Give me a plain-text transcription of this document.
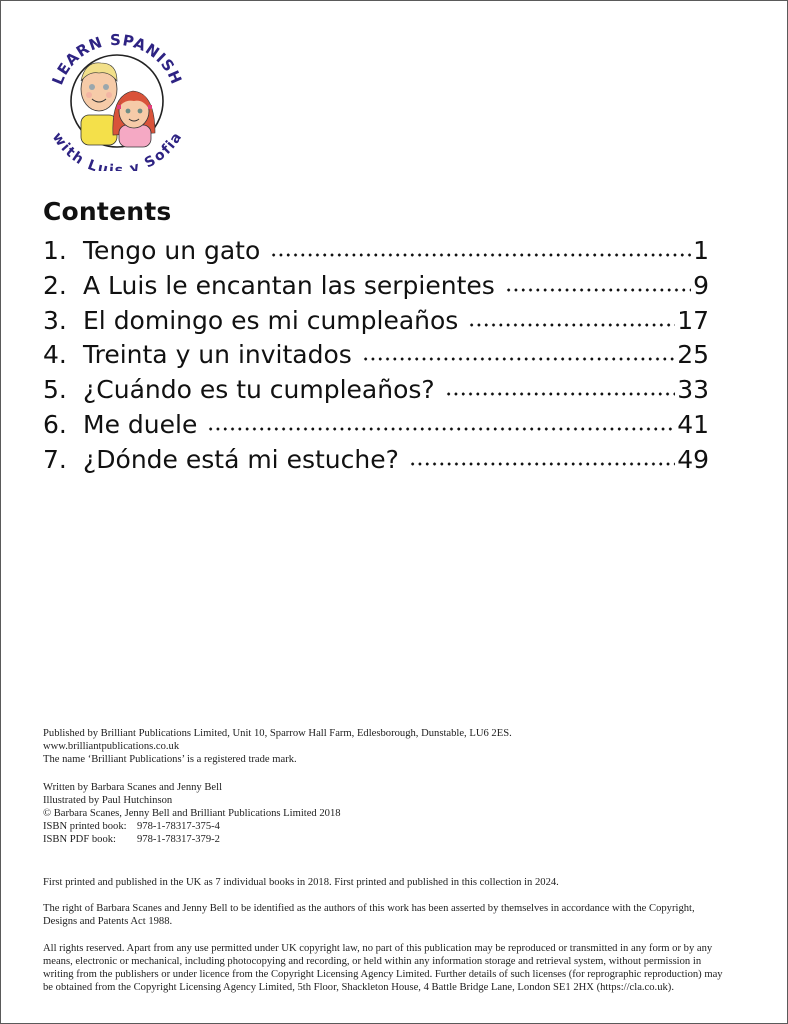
LEARN SPANISH
with Luis y Sofia
Contents
1. Tengo un gato	1
2. A Luis le encantan las serpientes	9
3. El domingo es mi cumpleaños	17
4. Treinta y un invitados	25
5. ¿Cuándo es tu cumpleaños?	33
6. Me duele	41
7. ¿Dónde está mi estuche?	49

Published by Brilliant Publications Limited, Unit 10, Sparrow Hall Farm, Edlesborough, Dunstable, LU6 2ES.

www.brilliantpublications.co.uk

The name ‘Brilliant Publications’ is a registered trade mark.

Written by Barbara Scanes and Jenny Bell

Illustrated by Paul Hutchinson

© Barbara Scanes, Jenny Bell and Brilliant Publications Limited 2018

ISBN printed book: 978-1-78317-375-4

ISBN PDF book: 978-1-78317-379-2

First printed and published in the UK as 7 individual books in 2018. First printed and published in this collection in 2024.

The right of Barbara Scanes and Jenny Bell to be identified as the authors of this work has been asserted by themselves in accordance with the Copyright, Designs and Patents Act 1988.

All rights reserved. Apart from any use permitted under UK copyright law, no part of this publication may be reproduced or transmitted in any form or by any means, electronic or mechanical, including photocopying and recording, or held within any information storage and retrieval system, without permission in writing from the publishers or under licence from the Copyright Licensing Agency Limited. Further details of such licenses (for reprographic reproduction) may be obtained from the Copyright Licensing Agency Limited, 5th Floor, Shackleton House, 4 Battle Bridge Lane, London SE1 2HX (https://cla.co.uk).
